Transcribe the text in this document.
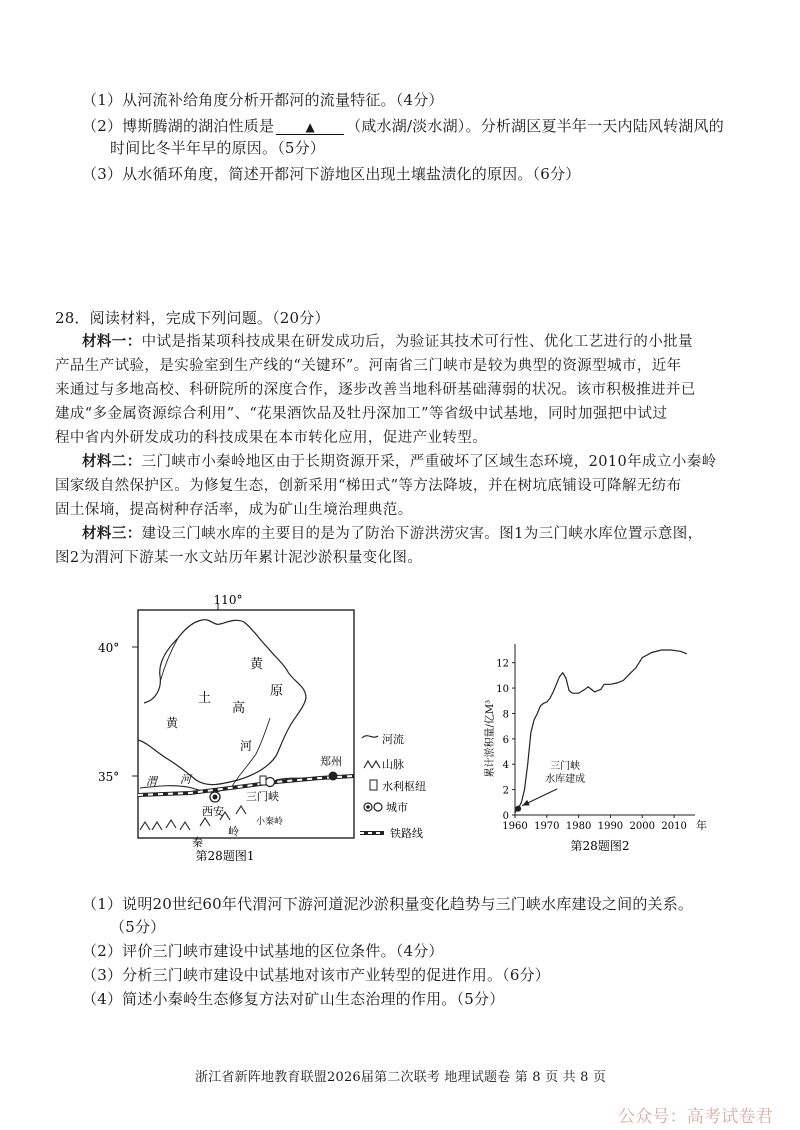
（1）从河流补给角度分析开都河的流量特征。（4分）
（2）博斯腾湖的湖泊性质是	▲ （咸水湖/淡水湖）。分析湖区夏半年一天内陆风转湖风的
时间比冬半年早的原因。（5分）
（3）从水循环角度，简述开都河下游地区出现土壤盐渍化的原因。（6分）
28．阅读材料，完成下列问题。（20分）
材料一：中试是指某项科技成果在研发成功后，为验证其技术可行性、优化工艺进行的小批量
产品生产试验，是实验室到生产线的“关键环”。河南省三门峡市是较为典型的资源型城市，近年
来通过与多地高校、科研院所的深度合作，逐步改善当地科研基础薄弱的状况。该市积极推进并已
建成“多金属资源综合利用”、“花果酒饮品及牡丹深加工”等省级中试基地，同时加强把中试过
程中省内外研发成功的科技成果在本市转化应用，促进产业转型。
材料二：三门峡市小秦岭地区由于长期资源开采，严重破坏了区域生态环境，2010年成立小秦岭
国家级自然保护区。为修复生态，创新采用“梯田式”等方法降坡，并在树坑底铺设可降解无纺布
固土保墒，提高树种存活率，成为矿山生境治理典范。
材料三：建设三门峡水库的主要目的是为了防治下游洪涝灾害。图1为三门峡水库位置示意图，
图2为渭河下游某一水文站历年累计泥沙淤积量变化图。
110°
40°
35°
西安
三门峡
郑州
黄
土
高
原
黄
河
渭 河
秦
岭
小秦岭
河流
山脉
水利枢纽
城市
铁路线
第28题图1
1960 1970 1980 1990 2000 2010
0
2
4
6
8
10
12
三门峡
水库建成
累计淤积量/亿M³
年
第28题图2
（1）说明20世纪60年代渭河下游河道泥沙淤积量变化趋势与三门峡水库建设之间的关系。
（5分）
（2）评价三门峡市建设中试基地的区位条件。（4分）
（3）分析三门峡市建设中试基地对该市产业转型的促进作用。（6分）
（4）简述小秦岭生态修复方法对矿山生态治理的作用。（5分）
浙江省新阵地教育联盟2026届第二次联考 地理试题卷 第 8 页 共 8 页
公众号：高考试卷君
